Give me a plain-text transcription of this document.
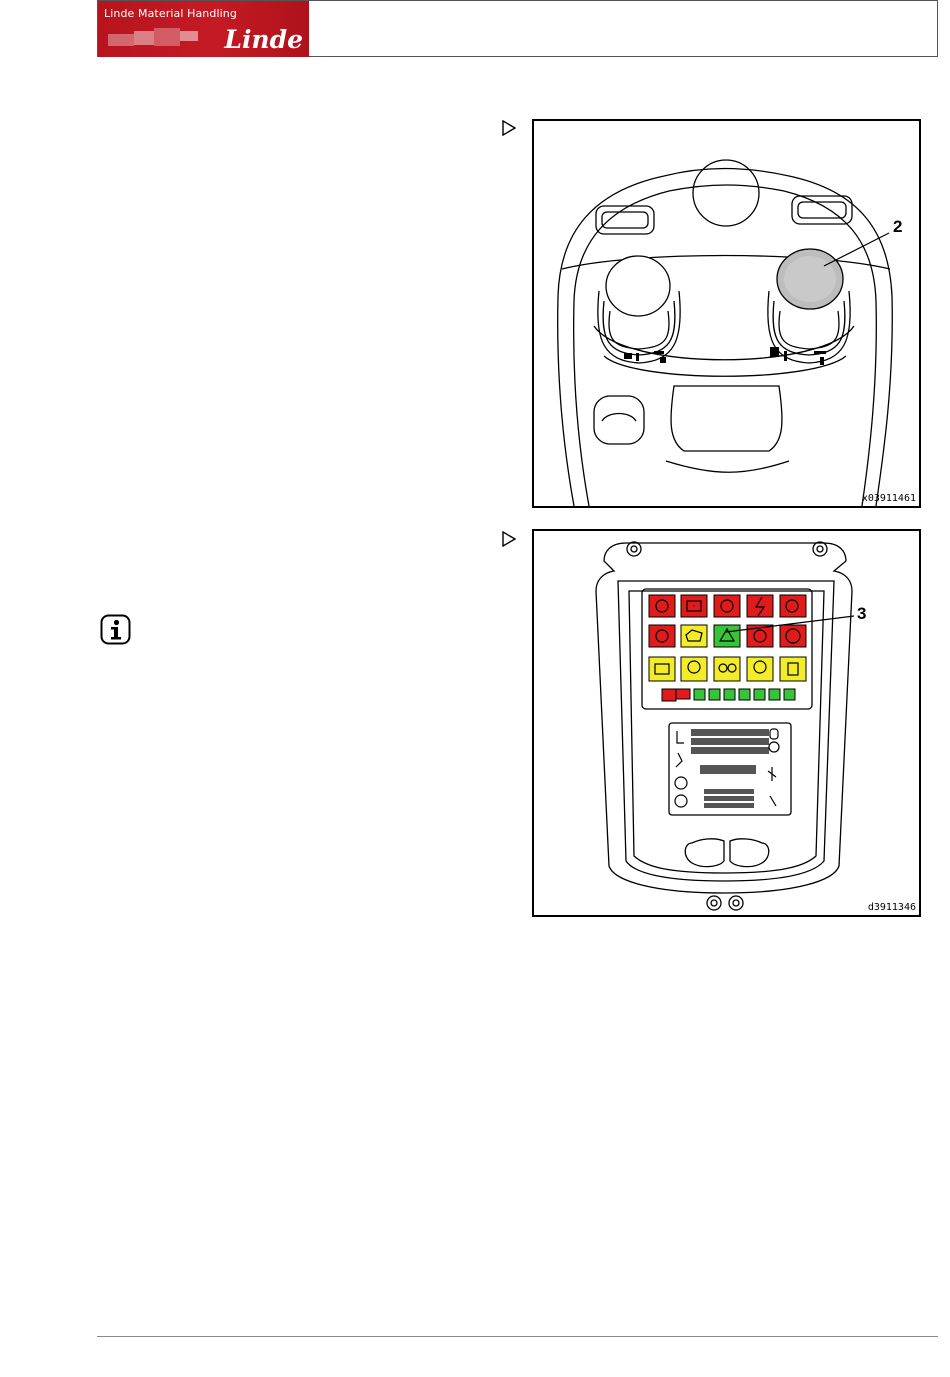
Linde Material Handling
Linde
2
x03911461
3
d3911346
